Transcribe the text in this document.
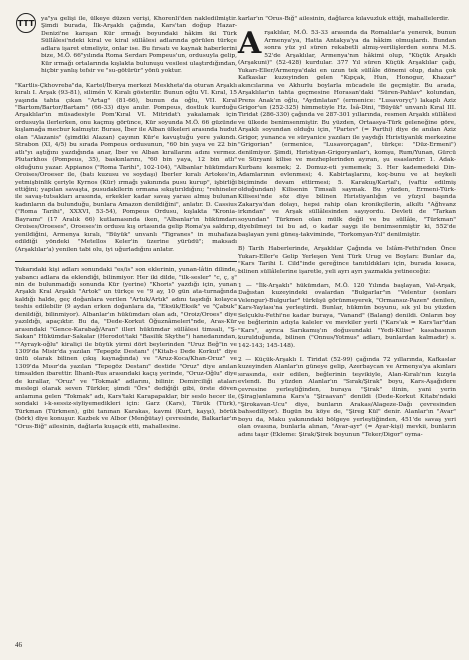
TTT ya"ya gelişi ile, ülkeye düzen verişi, Khorenli'den nakledilmiştir. Şimdi burada, İlk-Arşaklı çağında, Kars'tan doğup Hazar-Denizi'ne karışan Kür ırmağı boyundaki hâkim iki Türk Süllâlesi'ndeki kiral ve kiral süllâlesi adlarında görülen türkçe adlara işaret etmeliyiz, onlar ise. Bu fırsatı ve kaynak haberlerini bize, M.Ö. 66"yılında Roma Serdarı Pompeus'un, ordusuyla gelip, Kür ırmağı ortalarında kışlakta bulunuşu vesilesi ulaştırdığından, hiçbir yanlış tefsir ve "su-götürür" yönü yoktur.

"Kartlis-Çkhovreba"da, Kartel/İberya merkezi Meskheta'da oturan Arşaklı kıralı I. Arşak (93-81), silimén V. Kıralı gösterilir. Bunun oğlu VI. Kıral, 15 yaşında tahta çıkan "Artag" (81-66), bunun da oğlu, VII. Kıral "Bartom/Bartor/Bartam" (66-33) diye anılır. Pompeus, dostluk kurduğu Arşaklılar'ın müsadesiyle Pom'Kıral VI. Mitridat'ı yakalamak için ordusuyla ilerlerken, onu kaçmış görünce, Kür soyunda M.Ö. 66 güzünde kışlamağa mecbur kalmıştır. Burası, İber ile Alban ülkeleri arasında hudut olan "Alazanis" (şimdiki Alazan) çayının Kür'e kavuştuğu yere yakındı. Strabon (XI, 4/5) bu sırada Pompeus ordusunun, "60 bin yaya ve 22 bin atlı"yı aştığını yazdığında anar, İber ve Alban kırallarını adını vermez. Plutarkhos (Pompeus, 35), baskınlarını, "60 bin yaya, 12 bin atlı" olduğunu yazar. Appianos ("Roma Tarihi", 102-104), "Albanlar hükümdarı Oroises/Oroeser ile, (batı kuzusu ve soydaşı) İberler kıralı Artokes'in, yetmişbinlik çeriyle Kyrnos (Kür) ırmağı yakınında pusu kurup", işbirliği ettiğini; yapılan savaşta, pusudakilerin ormana sıkıştırıldığını; "rehineler ile savaş-tutsakları arasında, erkekler kadar savaş yarası almış bulunan kadınların da bulunduğu, bunlara Amazon denildiğini", anlatır. D. Cassius ("Roma Tarihi", XXXVI, 53-54), Pompeus Ordusu, kışlakta "Kronia-Bayramı" (17 Aralık 66) kutlamasında iken, "Albanlar'ın hükümdarı Oroises/Oroeses", Oroeses'in ordusu kış ortasında gelip Roma'ya saldırıp, yenildiğini, Armenya kıralı, "Büyük" unvanlı "Tigranes" in muhafaza edildiği yöndeki "Metellos Keler'in üzerine yürüdü"; maksadı (Arşaklılar'a) yenilen tabi olu, iyi uğurladığını anlatır.

Yukarıdaki kişi adları sonundaki "es/is" son eklerinin, yunan-lâtin dilinde, yabancı adlara da eklendiği, bilinmiyor. Her iki dilde, "ilk-sesler" "c, ç, ş" nin de bulunmadığı sonunda Kür (yerine) "Khoris" yazdığı için, yunan Arşaklı Kral Arşaklı "Artok" un türkçe ve "9 ay, 10 gün ata-turnağında kaldığı halde, geç doğanlara verilen "Artuk/Artık" adını taşıdığı kolayca teshis edilebilir (9 aydan erken doğanlara da, "Eksük/Eksik" ve "Çabuk" denildiği, bilinmiyor). Albanlar'ın hükümdarı olan adı, "Oroiz/Oroes" diye yazıldığı, apaçıktır. Bu da, "Dede-Korkut Öğuznâmeleri"nde, Aras-Kür arasındaki "Gence-Karabağ/Aran" illeri hükümdar süllâlesi timsali, "Ş-Sakan" Hükümdar-Sakalar (Herodot'taki "Basilik Skythe") hanedanından, ""Ayrayk-oğlu" kiraliçi ile büyük yirmi dört beylerinden "Uruz Beğ"in ve 1309'da Misir'da yazılan "Tepegöz Destanı" ("Kitab-ı Dede Korkut" diye ünlü olarak bilinen çıkış kaynağında) ve "Aruz-Koca/Khan-Oruz" ve 1309'da Mısır'da yazılan "Tepegöz Destanı" destide "Oruz" diye anılan timsalden ibarettir. İlhanlı-Rus arasındaki kaçış yerinde, "Oruz-Oğlu" diye de kırallar, "Oruz" ve "Tokmak" adlarını, bilinir. Demirciliği ataları meslegi olarak seven Türkler, şimdi "Örs" dediğiği gibi, örste döven anlamına gelen "Tokmak" adı, Kars'taki Karapapaklar, bir seslo hecer ile, sondaki i-k-sessiz-siyliyemedikleri için: Garz (Kars), Türük (Türk), Türkman (Türkmen), gibi tanınan Karakas, kavmi (Kurt, kayşı), börük (börk) diye konuşur. Kazbek ve Albor (Menğütay) çevresinde, Balkarlar'ın "Orus-Biğ" ailesinin, dağlarla kuşaçık etti, mahallesine.

karlar'ın "Orus-Bığ" ailesinin, dağlarca kılavuzluk ettiği, mahallelerdir.

Arşaklılar, M.Ö. 53-33 arasında da Romalılar'a yenerek, bunun Armenya'ya, Hatta Antakya'ya da hâkim olmuşlardı. Bundan sonra yüz yıl süren rekabetli almış-verilişlerden sonra M.S. 52'de Arşaklılar, Armenya'nın hâkimi olup, "Küçük Arşaklı (Arşakuni)" (52-428) kurdular. 377 Yıl süren Küçük Arşaklılar çağı, Yukarı-Eller/Armenya'daki en uzun tek süllâle dönemi olup, daha çok Kafkaslar kuzeyinden gelen "Kıpçak, Hun, Honogur, Khazar" akıncılarına ve Akhurlu boylarla mücadele ile geçmiştir. Bu arada, Arşaklılar'ın tahta geçmesine Horasan'daki "Süren-Pahlav" kolundan, Prens Anak'ın oğlu, "Aydınlatan" (ermenice: "Lusavoryç") lakaplı Aziz Grigor'un (252-325) himmetiyle Hz. İsâ-Dini, "Büyük" unvanlı Kıral III. Tiridat (286-330) çağında ve 287-301 yıllarında, resmen Arşaklı süllâlesi ve ülkede benimsenmiştir. Bu yüzden, Ortaasya-Türk geleneğine göre, Arşaklı soyundan olduğu için, "Partev" (= Parthi) diye de anılan Aziz Grigor, yunanca ve süryanice yazıları ile yaydığı Hıristiyanlık merkezine "Grigorian" (ermenice, "Lusavorçagan", türkçe: "Düz-Ermeni") denilmiyor. Şimdi, Hıristiyan-Grigoryanlar'ı, komşu, Rum/Yunan, Gürcü ve Süryani kilise ve mezheplerinden ayıran, şu esaslardır: 1. Adak-Kurbanı kesmek; 2. Domuz-eti yememek; 3. Her kademedeki Din-Adamlarının evlenmesi; 4. Kabirtaşlarını, koç-bunu ve at heykeli biçiminde devam ettirmesi; 5. Karakuş/Kartal'ı, (vaftiz edilmiş olduğundan) Kilisenin Timsali saymak. Bu yüzden, Ermeni-Türk-Kilisesi'nde söz diye bilinen Hıristiyanlığın ve yüzyıl başında Zakarya'dan dolayı, hepsi rahip olan kronikçilerin, alkıltı "Ağhvanz irkından" ve Arşak süllâlesinden sayıyordu. Devleti de "Tarkan soyundan" Türkmen olan mülk değil ve bu süllâle, "Türkman" diyebilmeyi isi bu ad, o kadar saygı ile benimsenmiştir ki, 552'de başlayan yeni güneş-takviminde, "Torkomyan-Yıl" denilmiştir.

B) Tarih Haberlerinde, Arşaklılar Çağında ve İslâm-Fethi'nden Önce Yukarı-Eller'e Gelip Yerleşen Yeni Türk Urug ve Boyları: Bunlar da, "Kars Tarihi I. Cild"inde gereğince tanıtıldıkları için, burada kısaca, bilinen süllâlelerine işaretle, yeli ayrı ayrı yazmakla yetineceğiz:

1 — "İlk-Arşaklı" hükümdarı, M.Ö. 120 Yılında başlayan, Val-Arşak, Dağıstan kuzeyindeki ovalardan "Bulgarlar"ın "Velentur (sonları Velengur)-Bulgurlar" türküşü görünmeyerek, "Ormansız-Pazen" denilen, Kars-Yaylası'na yerleştirdi. Bunlar, hükmün boyunu, sık yıl bu yüzden Selçuklu-Fethi'ne kadar buraya, "Vanand" (Balang) denildi. Onların boy ve beğlerinin adıyla kaleler ve mevkiler yerli ("Kars'ak = Kars'lar"dan "Kars", ayrıca Sarıkamış'ın doğusundaki "Yedi-Kilise" kasabasının kurulduğunda, bilinen ("Onnus/Yotmus" adları, bunlardan kalmadır) s. 142-143; 145-148).

2 — Küçük-Arşaklı I. Tiridat (52-99) çağında 72 yıllarında, Kafkaslar kuzeyinden Alanlar'ın güneye gelip, Azerbaycan ve Armenya'ya akınları sırasında, esir edilen, beğlerinin teşvikiyle, Alan-Kıralı'nın kızıyla evlendi. Bu yüzden Alanlar'ın "Sırak/Şirak" boyu, Kars-Aşağıdere çevresine yerleştiğinden, buraya "Şirak" ilinin, yani yerin (Şirag)anlamına Kars'a "Şiraavan" denildi (Dede-Korkut Kitabı'ndaki "Şirokavan-Ucu" diye, bunların Arakas/Alageze-Dağı çevresinden bahsediliyor). Bugün bu köye de, "Şireg Kül" denir. Alanlar'ın "Avar" boyu da, Maku yakınındaki bölgeye yerleştiğinden, 451'de savaş yeri olan ovasına, bunlarla alınan, "Avar-ayr" (= Ayar-kişi) mevkii, bunların adını taşır (Ekleme: Şirak/Şirek boyunun "Teker/Digor" oyma-

46
